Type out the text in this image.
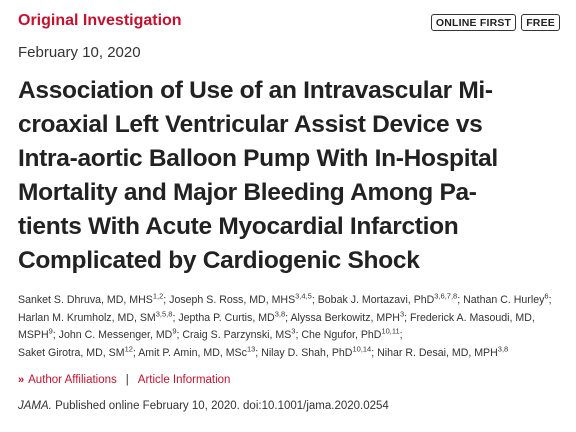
Original Investigation	ONLINE FIRST	FREE
February 10, 2020
Association of Use of an Intravascular Mi-
croaxial Left Ventricular Assist Device vs
Intra-aortic Balloon Pump With In-Hospital
Mortality and Major Bleeding Among Pa-
tients With Acute Myocardial Infarction
Complicated by Cardiogenic Shock
Sanket S. Dhruva, MD, MHS$^{1,2}$; Joseph S. Ross, MD, MHS$^{3,4,5}$; Bobak J. Mortazavi, PhD$^{3,6,7,8}$; Nathan C. Hurley$^6$; Harlan M. Krumholz, MD, SM$^{3,5,8}$; Jeptha P. Curtis, MD$^{3,8}$; Alyssa Berkowitz, MPH$^3$; Frederick A. Masoudi, MD, MSPH$^9$; John C. Messenger, $MD^9$; Craig S. Parzynski, $MS^3$; Che Ngufor, PhD$^{10,11}$;
Saket Girotra, MD, SM$^{12}$; Amit P. Amin, MD, MSc$^{13}$; Nilay D. Shah, PhD$^{10,14}$; Nihar R. Desai, MD, MPH$^{3,8}$
» Author Affiliations | Article Information
JAMA. Published online February 10, 2020. doi:10.1001/jama.2020.0254
